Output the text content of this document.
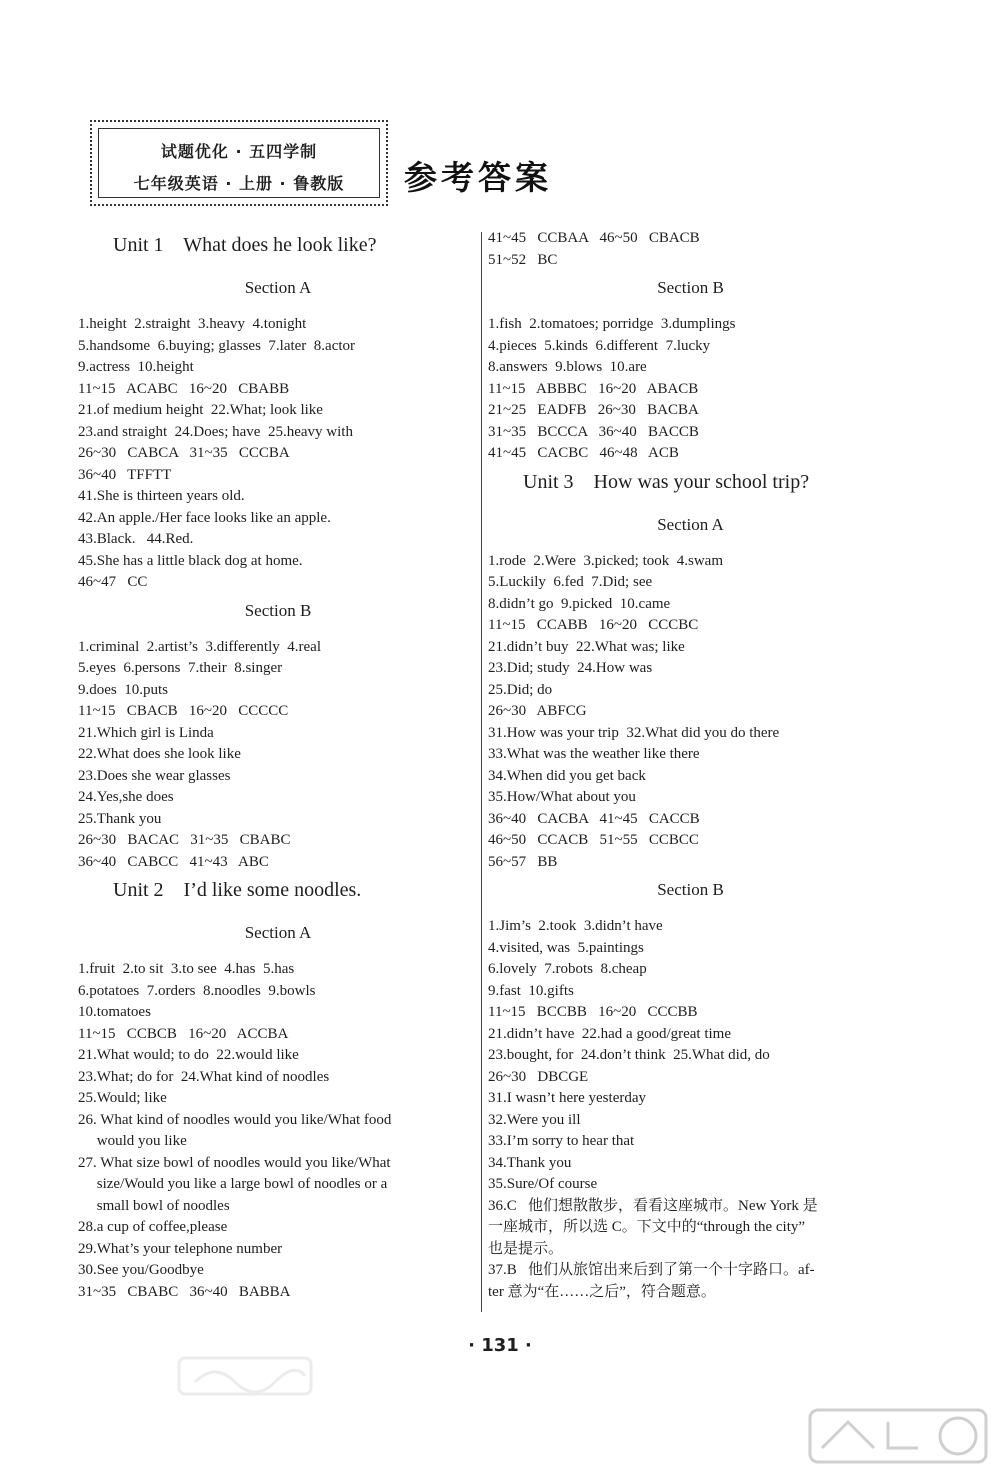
试题优化 · 五四学制
七年级英语 · 上册 · 鲁教版	参考答案
Unit 1    What does he look like?
Section A
1.height  2.straight  3.heavy  4.tonight
5.handsome  6.buying; glasses  7.later  8.actor
9.actress  10.height
11~15   ACABC   16~20   CBABB
21.of medium height  22.What; look like
23.and straight  24.Does; have  25.heavy with
26~30   CABCA   31~35   CCCBA
36~40   TFFTT
41.She is thirteen years old.
42.An apple./Her face looks like an apple.
43.Black.   44.Red.
45.She has a little black dog at home.
46~47   CC
Section B
1.criminal  2.artist’s  3.differently  4.real
5.eyes  6.persons  7.their  8.singer
9.does  10.puts
11~15   CBACB   16~20   CCCCC
21.Which girl is Linda
22.What does she look like
23.Does she wear glasses
24.Yes,she does
25.Thank you
26~30   BACAC   31~35   CBABC
36~40   CABCC   41~43   ABC
Unit 2    I’d like some noodles.
Section A
1.fruit  2.to sit  3.to see  4.has  5.has
6.potatoes  7.orders  8.noodles  9.bowls
10.tomatoes
11~15   CCBCB   16~20   ACCBA
21.What would; to do  22.would like
23.What; do for  24.What kind of noodles
25.Would; like
26. What kind of noodles would you like/What food
would you like
27. What size bowl of noodles would you like/What
size/Would you like a large bowl of noodles or a
small bowl of noodles
28.a cup of coffee,please
29.What’s your telephone number
30.See you/Goodbye
31~35   CBABC   36~40   BABBA
41~45   CCBAA   46~50   CBACB
51~52   BC
Section B
1.fish  2.tomatoes; porridge  3.dumplings
4.pieces  5.kinds  6.different  7.lucky
8.answers  9.blows  10.are
11~15   ABBBC   16~20   ABACB
21~25   EADFB   26~30   BACBA
31~35   BCCCA   36~40   BACCB
41~45   CACBC   46~48   ACB
Unit 3    How was your school trip?
Section A
1.rode  2.Were  3.picked; took  4.swam
5.Luckily  6.fed  7.Did; see
8.didn’t go  9.picked  10.came
11~15   CCABB   16~20   CCCBC
21.didn’t buy  22.What was; like
23.Did; study  24.How was
25.Did; do
26~30   ABFCG
31.How was your trip  32.What did you do there
33.What was the weather like there
34.When did you get back
35.How/What about you
36~40   CACBA   41~45   CACCB
46~50   CCACB   51~55   CCBCC
56~57   BB
Section B
1.Jim’s  2.took  3.didn’t have
4.visited, was  5.paintings
6.lovely  7.robots  8.cheap
9.fast  10.gifts
11~15   BCCBB   16~20   CCCBB
21.didn’t have  22.had a good/great time
23.bought, for  24.don’t think  25.What did, do
26~30   DBCGE
31.I wasn’t here yesterday
32.Were you ill
33.I’m sorry to hear that
34.Thank you
35.Sure/Of course
36.C   他们想散散步，看看这座城市。New York 是
一座城市，所以选 C。下文中的“through the city”
也是提示。
37.B   他们从旅馆出来后到了第一个十字路口。af-
ter 意为“在……之后”，符合题意。
· 131 ·
